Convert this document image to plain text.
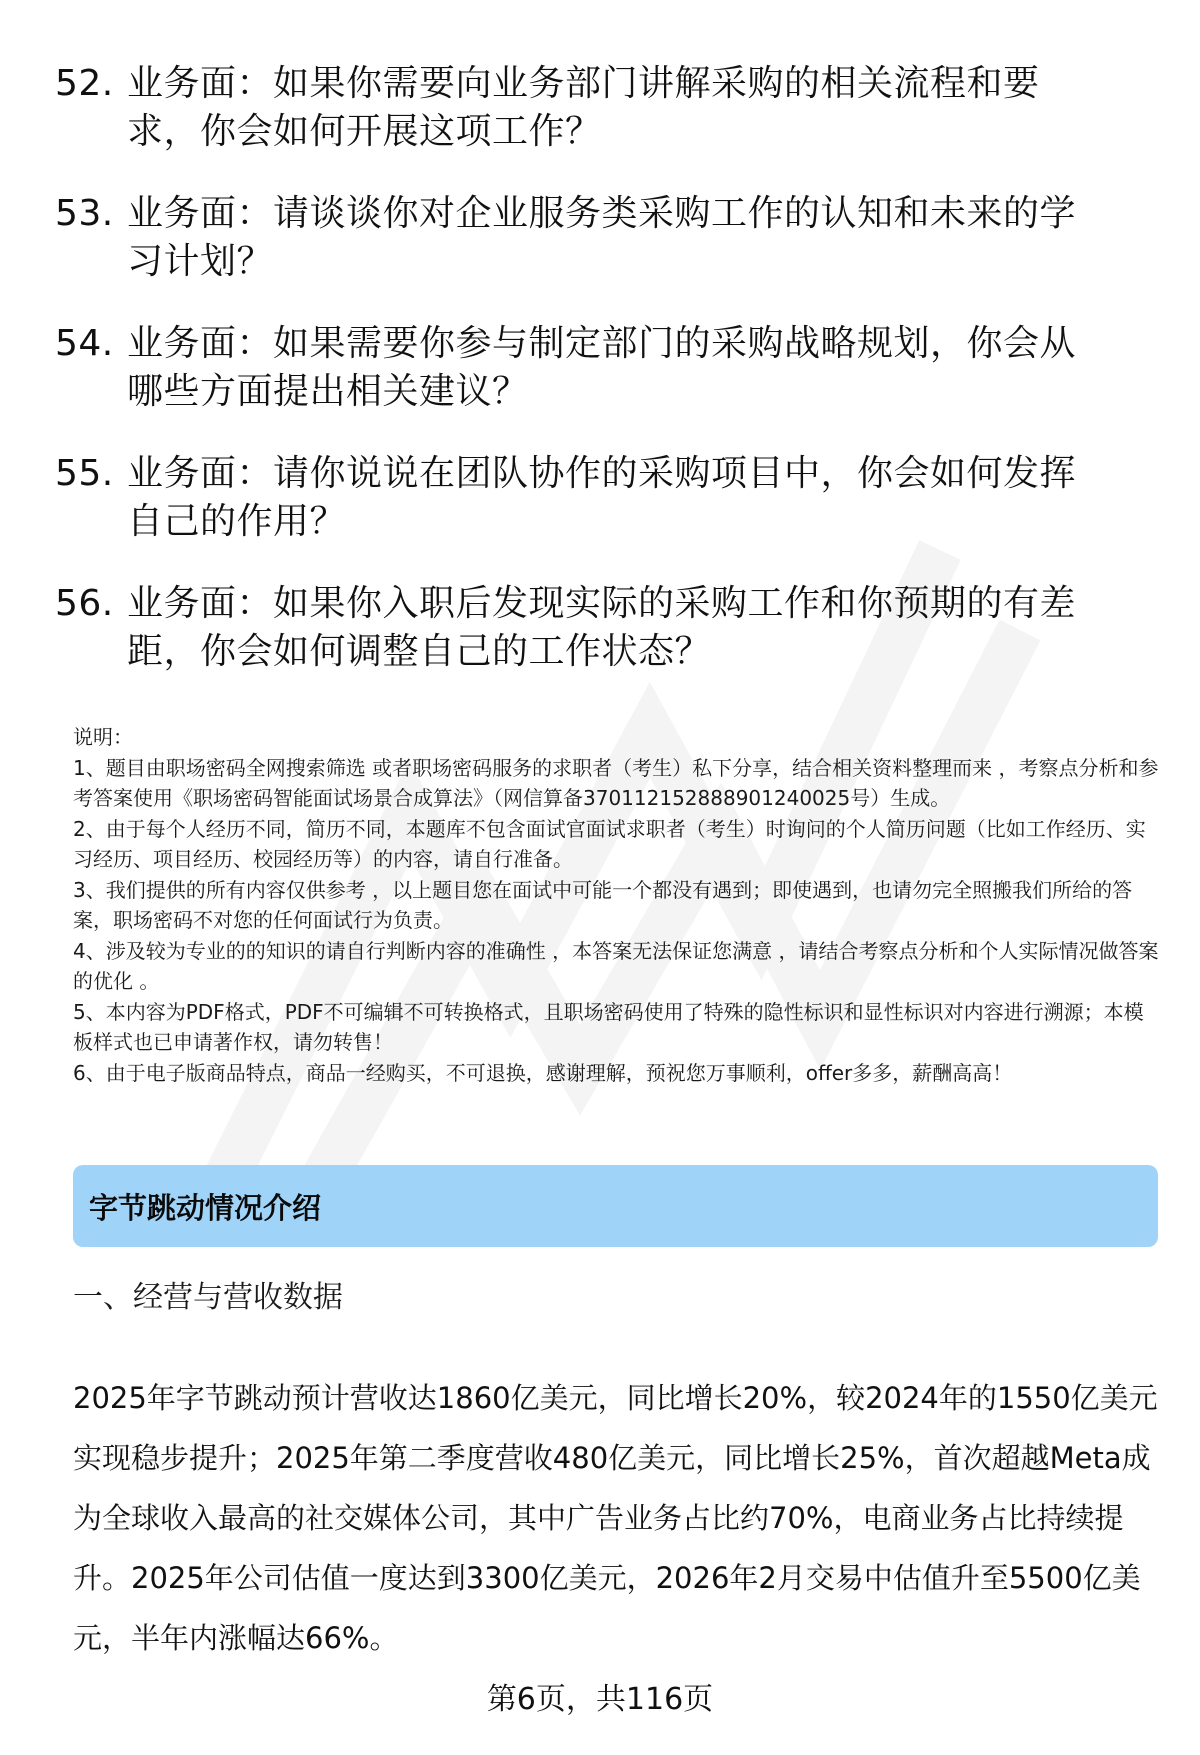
52. 业务面：如果你需要向业务部门讲解采购的相关流程和要求，你会如何开展这项工作？
53. 业务面：请谈谈你对企业服务类采购工作的认知和未来的学习计划？
54. 业务面：如果需要你参与制定部门的采购战略规划，你会从哪些方面提出相关建议？
55. 业务面：请你说说在团队协作的采购项目中，你会如何发挥自己的作用？
56. 业务面：如果你入职后发现实际的采购工作和你预期的有差距，你会如何调整自己的工作状态？

说明：

1、题目由职场密码全网搜索筛选 或者职场密码服务的求职者（考生）私下分享，结合相关资料整理而来 ，考察点分析和参考答案使用《职场密码智能面试场景合成算法》（网信算备370112152888901240025号）生成。

2、由于每个人经历不同，简历不同，本题库不包含面试官面试求职者（考生）时询问的个人简历问题（比如工作经历、实习经历、项目经历、校园经历等）的内容，请自行准备。

3、我们提供的所有内容仅供参考 ，以上题目您在面试中可能一个都没有遇到；即使遇到，也请勿完全照搬我们所给的答案，职场密码不对您的任何面试行为负责。

4、涉及较为专业的的知识的请自行判断内容的准确性 ，本答案无法保证您满意 ，请结合考察点分析和个人实际情况做答案的优化 。

5、本内容为PDF格式，PDF不可编辑不可转换格式，且职场密码使用了特殊的隐性标识和显性标识对内容进行溯源；本模板样式也已申请著作权，请勿转售！

6、由于电子版商品特点，商品一经购买，不可退换，感谢理解，预祝您万事顺利，offer多多，薪酬高高！

字节跳动情况介绍
一、经营与营收数据
2025年字节跳动预计营收达1860亿美元，同比增长20%，较2024年的1550亿美元实现稳步提升；2025年第二季度营收480亿美元，同比增长25%，首次超越Meta成为全球收入最高的社交媒体公司，其中广告业务占比约70%，电商业务占比持续提升。2025年公司估值一度达到3300亿美元，2026年2月交易中估值升至5500亿美元，半年内涨幅达66%。
第6页，共116页
